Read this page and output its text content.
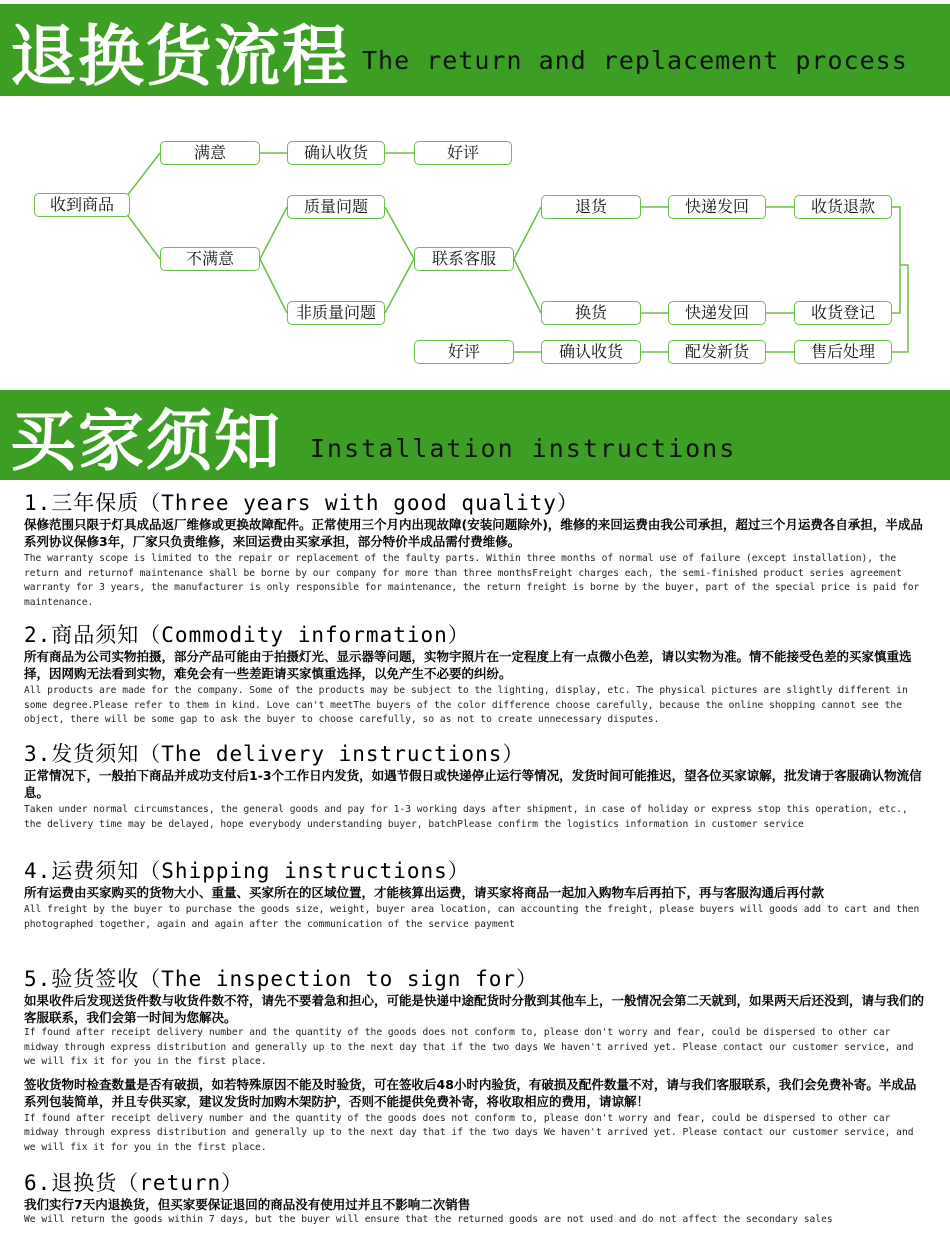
退换货流程 The return and replacement process
收到商品
满意	确认收货	好评
不满意
质量问题
非质量问题
联系客服
退货	快递发回	收货退款
换货	快递发回	收货登记
好评	确认收货	配发新货	售后处理
买家须知 Installation instructions
1.三年保质（Three years with good quality）

保修范围只限于灯具成品返厂维修或更换故障配件。正常使用三个月内出现故障(安装问题除外)，维修的来回运费由我公司承担，超过三个月运费各自承担，半成品系列协议保修3年，厂家只负责维修，来回运费由买家承担，部分特价半成品需付费维修。

The warranty scope is limited to the repair or replacement of the faulty parts. Within three months of normal use of failure (except installation), the return and returnof maintenance shall be borne by our company for more than three monthsFreight charges each, the semi-finished product series agreement warranty for 3 years, the manufacturer is only responsible for maintenance, the return freight is borne by the buyer, part of the special price is paid for maintenance.

2.商品须知（Commodity information）

所有商品为公司实物拍摄，部分产品可能由于拍摄灯光、显示器等问题，实物宇照片在一定程度上有一点微小色差，请以实物为准。情不能接受色差的买家慎重选择，因网购无法看到实物，难免会有一些差距请买家慎重选择，以免产生不必要的纠纷。

All products are made for the company. Some of the products may be subject to the lighting, display, etc. The physical pictures are slightly different in some degree.Please refer to them in kind. Love can't meetThe buyers of the color difference choose carefully, because the online shopping cannot see the object, there will be some gap to ask the buyer to choose carefully, so as not to create unnecessary disputes.

3.发货须知（The delivery instructions）

正常情况下，一般拍下商品并成功支付后1-3个工作日内发货，如遇节假日或快递停止运行等情况，发货时间可能推迟，望各位买家谅解，批发请于客服确认物流信息。

Taken under normal circumstances, the general goods and pay for 1-3 working days after shipment, in case of holiday or express stop this operation, etc., the delivery time may be delayed, hope everybody understanding buyer, batchPlease confirm the logistics information in customer service

4.运费须知（Shipping instructions）

所有运费由买家购买的货物大小、重量、买家所在的区域位置，才能核算出运费，请买家将商品一起加入购物车后再拍下，再与客服沟通后再付款

All freight by the buyer to purchase the goods size, weight, buyer area location, can accounting the freight, please buyers will goods add to cart and then photographed together, again and again after the communication of the service payment

5.验货签收（The inspection to sign for）

如果收件后发现送货件数与收货件数不符，请先不要着急和担心，可能是快递中途配货时分散到其他车上，一般情况会第二天就到，如果两天后还没到，请与我们的客服联系，我们会第一时间为您解决。

If found after receipt delivery number and the quantity of the goods does not conform to, please don't worry and fear, could be dispersed to other car midway through express distribution and generally up to the next day that if the two days We haven't arrived yet. Please contact our customer service, and we will fix it for you in the first place.

签收货物时检查数量是否有破损，如若特殊原因不能及时验货，可在签收后48小时内验货，有破损及配件数量不对，请与我们客服联系，我们会免费补寄。半成品系列包装简单，并且专供买家，建议发货时加购木架防护，否则不能提供免费补寄，将收取相应的费用，请谅解！

If found after receipt delivery number and the quantity of the goods does not conform to, please don't worry and fear, could be dispersed to other car midway through express distribution and generally up to the next day that if the two days We haven't arrived yet. Please contact our customer service, and we will fix it for you in the first place.

6.退换货（return）

我们实行7天内退换货，但买家要保证退回的商品没有使用过并且不影响二次销售

We will return the goods within 7 days, but the buyer will ensure that the returned goods are not used and do not affect the secondary sales
